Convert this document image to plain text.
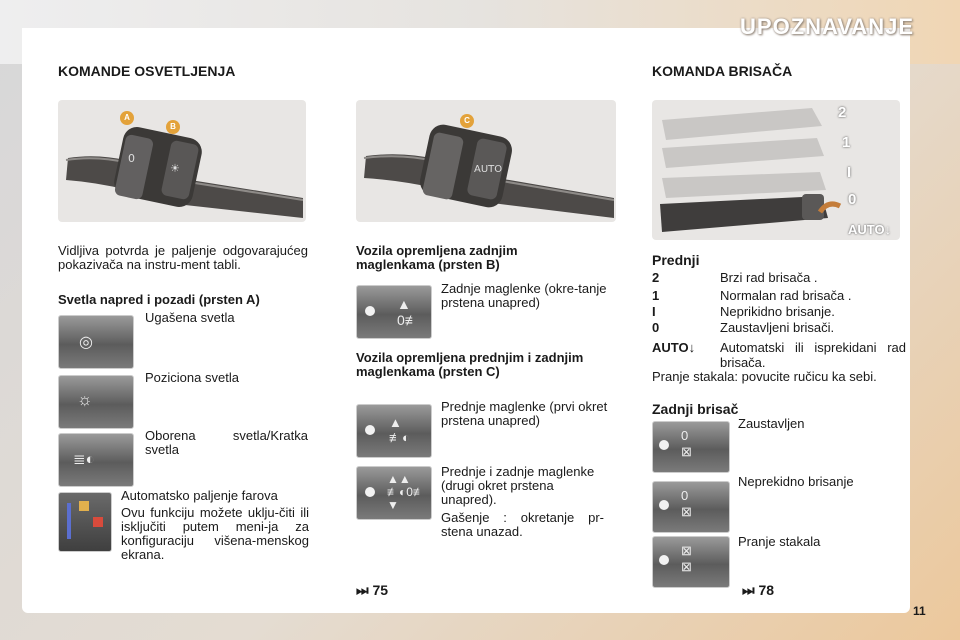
UPOZNAVANJE
KOMANDE OSVETLJENJA
0
☀
A
B
Vidljiva potvrda je paljenje odgovarajućeg pokazivača na instru-ment tabli.
Svetla napred i pozadi (prsten A)
◎
Ugašena svetla
☼
Poziciona svetla
≣◐
Oborena svetla/Kratka svetla
Automatsko paljenje farova
Ovu funkciju možete uklju-čiti ili isključiti putem meni-ja za konfiguraciju višena-menskog ekrana.
AUTO
C
Vozila opremljena zadnjim maglenkama (prsten B)
▲
0≢
Zadnje maglenke (okre-tanje prstena unapred)
Vozila opremljena prednjim i zadnjim maglenkama (prsten C)
▲
≢◐
Prednje maglenke (prvi okret prstena unapred)
▲▲
≢◐0≢
▼
Prednje i zadnje maglenke (drugi okret prstena unapred).
Gašenje : okretanje pr-stena unazad.
⏭ 75
KOMANDA BRISAČA
2
1
I
0
AUTO↓
Prednji
2	Brzi rad brisača .
1	Normalan rad brisača .
I	Neprikidno brisanje.
0	Zaustavljeni brisači.
AUTO↓ Automatski ili isprekidani rad brisača.
Pranje stakala: povucite ručicu ka sebi.
Zadnji brisač
0
⊠
Zaustavljen
0
⊠
Neprekidno brisanje
⊠
⊠
Pranje stakala
⏭ 78
11
